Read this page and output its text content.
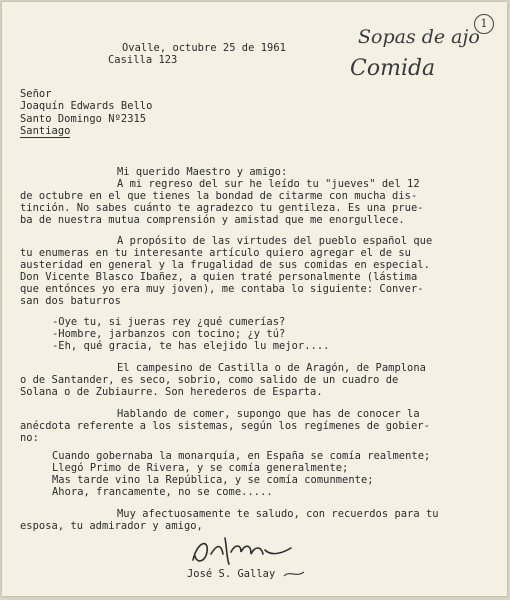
Ovalle, octubre 25 de 1961
Casilla 123
Sopas de ajo
Comida
1
Señor
Joaquín Edwards Bello
Santo Domingo Nº2315
Santiago
Mi querido Maestro y amigo:
A mi regreso del sur he leído tu "jueves" del 12
de octubre en el que tienes la bondad de citarme con mucha dis-
tinción. No sabes cuánto te agradezco tu gentileza. Es una prue-
ba de nuestra mutua comprensión y amistad que me enorgullece.
A propósito de las virtudes del pueblo español que
tu enumeras en tu interesante artículo quiero agregar el de su
austeridad en general y la frugalidad de sus comidas en especial.
Don Vicente Blasco Ibañez, a quien traté personalmente (lástima
que entónces yo era muy joven), me contaba lo siguiente: Conver-
san dos baturros
-Oye tu, si jueras rey ¿qué cumerías?
-Hombre, jarbanzos con tocino; ¿y tú?
-Eh, qué gracia, te has elejido lu mejor....
El campesino de Castilla o de Aragón, de Pamplona
o de Santander, es seco, sobrio, como salido de un cuadro de
Solana o de Zubiaurre. Son herederos de Esparta.
Hablando de comer, supongo que has de conocer la
anécdota referente a los sistemas, según los regímenes de gobier-
no:
Cuando gobernaba la monarquía, en España se comía realmente;
Llegó Primo de Rivera, y se comía generalmente;
Mas tarde vino la República, y se comía comunmente;
Ahora, francamente, no se come.....
Muy afectuosamente te saludo, con recuerdos para tu
esposa, tu admirador y amigo,
José S. Gallay
